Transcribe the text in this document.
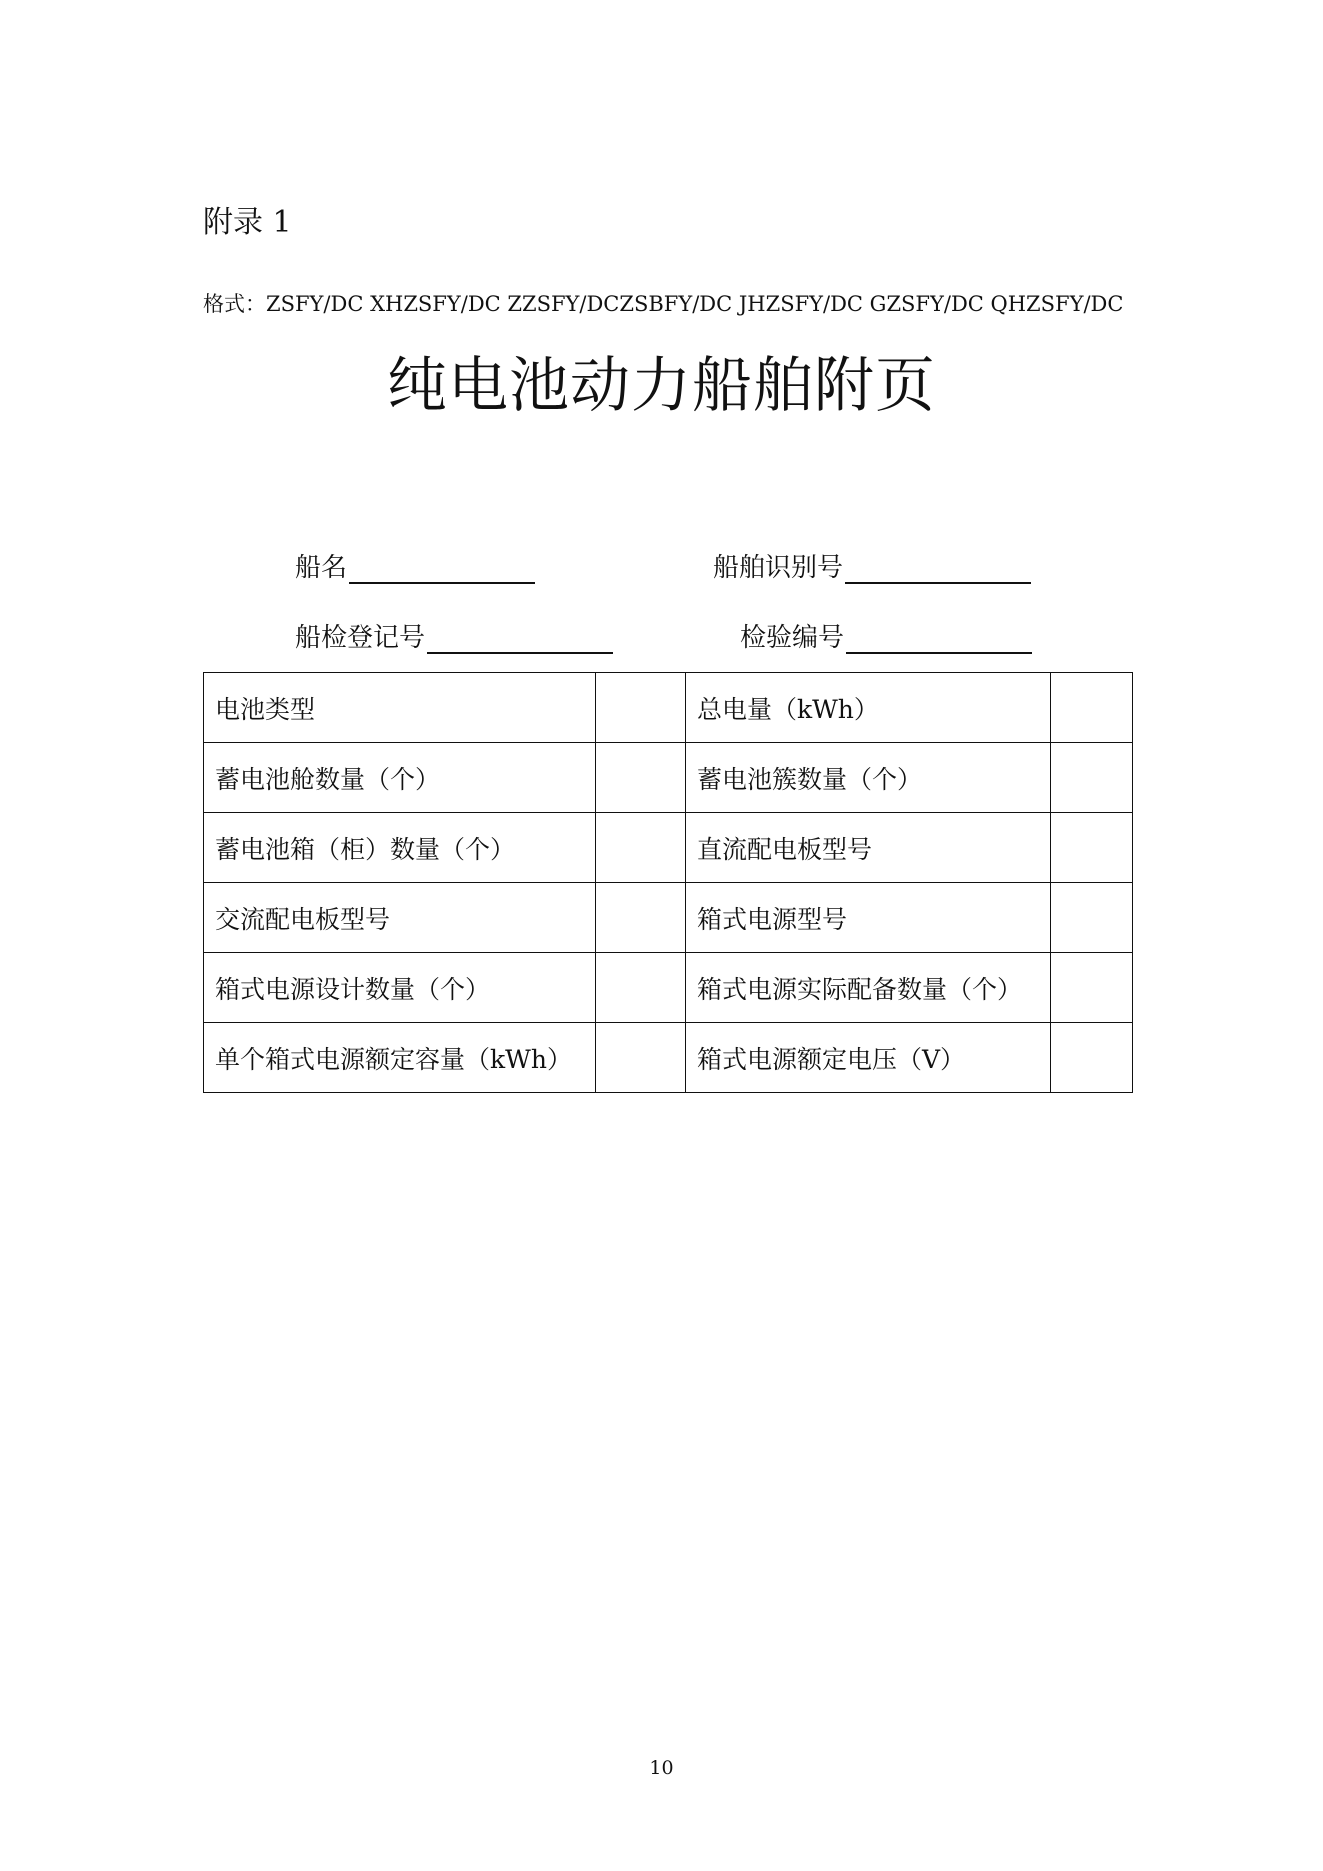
附录 1
格式：ZSFY/DC XHZSFY/DC ZZSFY/DCZSBFY/DC JHZSFY/DC GZSFY/DC QHZSFY/DC
纯电池动力船舶附页
船名	船舶识别号
船检登记号	检验编号
电池类型		总电量（kWh）	
蓄电池舱数量（个）		蓄电池簇数量（个）	
蓄电池箱（柜）数量（个）		直流配电板型号	
交流配电板型号		箱式电源型号	
箱式电源设计数量（个）		箱式电源实际配备数量（个）	
单个箱式电源额定容量（kWh）		箱式电源额定电压（V）	
10
